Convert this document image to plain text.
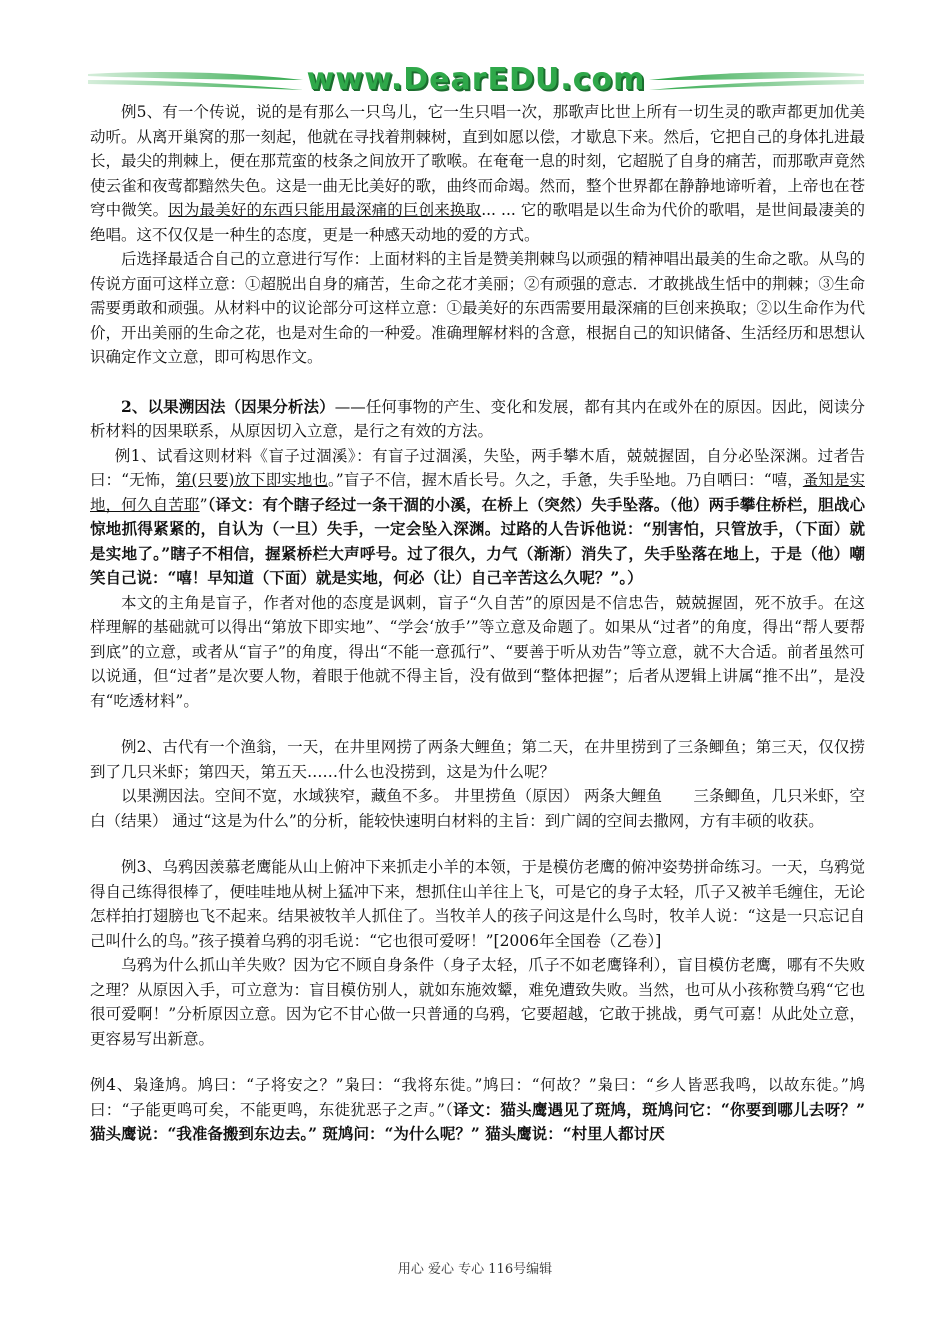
www.DearEDU.com

例5、有一个传说，说的是有那么一只鸟儿，它一生只唱一次，那歌声比世上所有一切生灵的歌声都更加优美动听。从离开巢窝的那一刻起，他就在寻找着荆棘树，直到如愿以偿，才歇息下来。然后，它把自己的身体扎进最长，最尖的荆棘上，便在那荒蛮的枝条之间放开了歌喉。在奄奄一息的时刻，它超脱了自身的痛苦，而那歌声竟然使云雀和夜莺都黯然失色。这是一曲无比美好的歌，曲终而命竭。然而，整个世界都在静静地谛听着，上帝也在苍穹中微笑。因为最美好的东西只能用最深痛的巨创来换取... ... 它的歌唱是以生命为代价的歌唱，是世间最凄美的绝唱。这不仅仅是一种生的态度，更是一种感天动地的爱的方式。

后选择最适合自己的立意进行写作：上面材料的主旨是赞美荆棘鸟以顽强的精神唱出最美的生命之歌。从鸟的传说方面可这样立意：①超脱出自身的痛苦，生命之花才美丽；②有顽强的意志．才敢挑战生恬中的荆棘；③生命需要勇敢和顽强。从材料中的议论部分可这样立意：①最美好的东西需要用最深痛的巨创来换取；②以生命作为代价，开出美丽的生命之花，也是对生命的一种爱。准确理解材料的含意，根据自己的知识储备、生活经历和思想认识确定作文立意，即可构思作文。

2、以果溯因法（因果分析法）——任何事物的产生、变化和发展，都有其内在或外在的原因。因此，阅读分析材料的因果联系，从原因切入立意，是行之有效的方法。

例1、试看这则材料《盲子过涸溪》：有盲子过涸溪，失坠，两手攀木盾，兢兢握固，自分必坠深渊。过者告曰：“无怖，第(只要)放下即实地也。”盲子不信，握木盾长号。久之，手惫，失手坠地。乃自哂曰：“嘻，蚤知是实地，何久自苦耶”（译文：有个瞎子经过一条干涸的小溪，在桥上（突然）失手坠落。（他）两手攀住桥栏，胆战心惊地抓得紧紧的，自认为（一旦）失手，一定会坠入深渊。过路的人告诉他说：“别害怕，只管放手，（下面）就是实地了。”瞎子不相信，握紧桥栏大声呼号。过了很久，力气（渐渐）消失了，失手坠落在地上，于是（他）嘲笑自己说：“嘻！早知道（下面）就是实地，何必（让）自己辛苦这么久呢？”。）

本文的主角是盲子，作者对他的态度是讽刺，盲子“久自苦”的原因是不信忠告，兢兢握固，死不放手。在这样理解的基础就可以得出“第放下即实地”、“学会‘放手’”等立意及命题了。如果从“过者”的角度，得出“帮人要帮到底”的立意，或者从“盲子”的角度，得出“不能一意孤行”、“要善于听从劝告”等立意，就不大合适。前者虽然可以说通，但“过者”是次要人物，着眼于他就不得主旨，没有做到“整体把握”；后者从逻辑上讲属“推不出”，是没有“吃透材料”。

例2、古代有一个渔翁，一天，在井里网捞了两条大鲤鱼；第二天，在井里捞到了三条鲫鱼；第三天，仅仅捞到了几只米虾；第四天，第五天……什么也没捞到，这是为什么呢？

以果溯因法。空间不宽，水域狭窄，藏鱼不多。 井里捞鱼（原因） 两条大鲤鱼　　三条鲫鱼，几只米虾，空白（结果） 通过“这是为什么”的分析，能较快速明白材料的主旨：到广阔的空间去撒网，方有丰硕的收获。

例3、乌鸦因羡慕老鹰能从山上俯冲下来抓走小羊的本领，于是模仿老鹰的俯冲姿势拼命练习。一天，乌鸦觉得自己练得很棒了，便哇哇地从树上猛冲下来，想抓住山羊往上飞，可是它的身子太轻，爪子又被羊毛缠住，无论怎样拍打翅膀也飞不起来。结果被牧羊人抓住了。当牧羊人的孩子问这是什么鸟时，牧羊人说：“这是一只忘记自己叫什么的鸟。”孩子摸着乌鸦的羽毛说：“它也很可爱呀！”[2006年全国卷（乙卷）]

乌鸦为什么抓山羊失败？因为它不顾自身条件（身子太轻，爪子不如老鹰锋利），盲目模仿老鹰，哪有不失败之理？从原因入手，可立意为：盲目模仿别人，就如东施效颦，难免遭致失败。当然，也可从小孩称赞乌鸦“它也很可爱啊！”分析原因立意。因为它不甘心做一只普通的乌鸦，它要超越，它敢于挑战，勇气可嘉！从此处立意，更容易写出新意。

例4、枭逢鸠。鸠曰：“子将安之？”枭曰：“我将东徙。”鸠曰：“何故？”枭曰：“乡人皆恶我鸣，以故东徙。”鸠曰：“子能更鸣可矣，不能更鸣，东徙犹恶子之声。”（译文：猫头鹰遇见了斑鸠，斑鸠问它：“你要到哪儿去呀？” 猫头鹰说：“我准备搬到东边去。” 斑鸠问：“为什么呢？” 猫头鹰说：“村里人都讨厌

用心 爱心 专心 116号编辑
